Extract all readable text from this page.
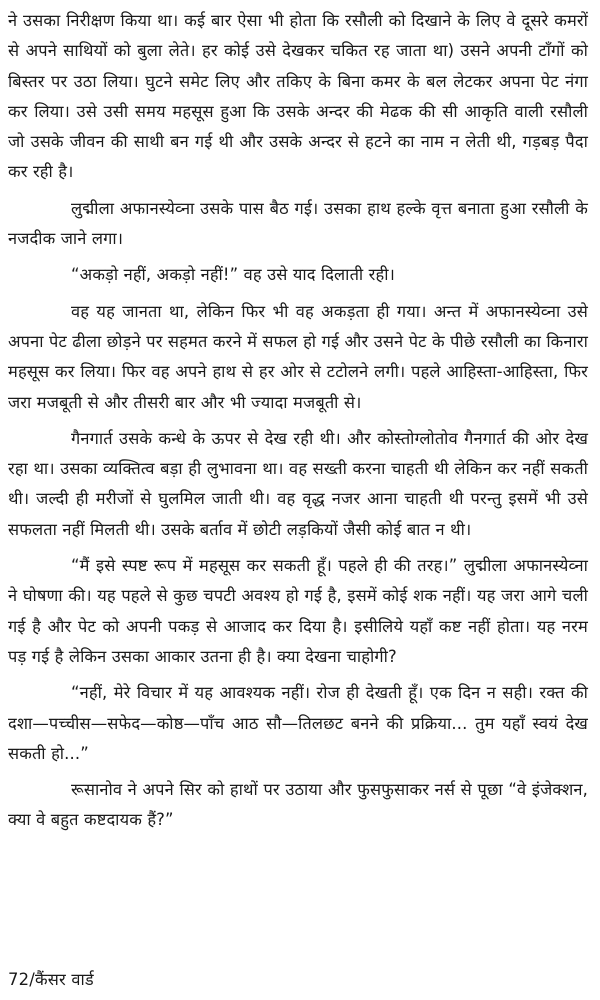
ने उसका निरीक्षण किया था। कई बार ऐसा भी होता कि रसौली को दिखाने के लिए वे दूसरे कमरों से अपने साथियों को बुला लेते। हर कोई उसे देखकर चकित रह जाता था) उसने अपनी टाँगों को बिस्तर पर उठा लिया। घुटने समेट लिए और तकिए के बिना कमर के बल लेटकर अपना पेट नंगा कर लिया। उसे उसी समय महसूस हुआ कि उसके अन्दर की मेढक की सी आकृति वाली रसौली जो उसके जीवन की साथी बन गई थी और उसके अन्दर से हटने का नाम न लेती थी, गड़बड़ पैदा कर रही है।

लुद्मीला अफानस्येव्ना उसके पास बैठ गई। उसका हाथ हल्के वृत्त बनाता हुआ रसौली के नजदीक जाने लगा।

“अकड़ो नहीं, अकड़ो नहीं!” वह उसे याद दिलाती रही।

वह यह जानता था, लेकिन फिर भी वह अकड़ता ही गया। अन्त में अफानस्येव्ना उसे अपना पेट ढीला छोड़ने पर सहमत करने में सफल हो गई और उसने पेट के पीछे रसौली का किनारा महसूस कर लिया। फिर वह अपने हाथ से हर ओर से टटोलने लगी। पहले आहिस्ता-आहिस्ता, फिर जरा मजबूती से और तीसरी बार और भी ज्यादा मजबूती से।

गैनगार्त उसके कन्धे के ऊपर से देख रही थी। और कोस्तोग्लोतोव गैनगार्त की ओर देख रहा था। उसका व्यक्तित्व बड़ा ही लुभावना था। वह सख्ती करना चाहती थी लेकिन कर नहीं सकती थी। जल्दी ही मरीजों से घुलमिल जाती थी। वह वृद्ध नजर आना चाहती थी परन्तु इसमें भी उसे सफलता नहीं मिलती थी। उसके बर्ताव में छोटी लड़कियों जैसी कोई बात न थी।

“मैं इसे स्पष्ट रूप में महसूस कर सकती हूँ। पहले ही की तरह।” लुद्मीला अफानस्येव्ना ने घोषणा की। यह पहले से कुछ चपटी अवश्य हो गई है, इसमें कोई शक नहीं। यह जरा आगे चली गई है और पेट को अपनी पकड़ से आजाद कर दिया है। इसीलिये यहाँ कष्ट नहीं होता। यह नरम पड़ गई है लेकिन उसका आकार उतना ही है। क्या देखना चाहोगी?

“नहीं, मेरे विचार में यह आवश्यक नहीं। रोज ही देखती हूँ। एक दिन न सही। रक्त की दशा—पच्चीस—सफेद—कोष्ठ—पाँच आठ सौ—तिलछट बनने की प्रक्रिया... तुम यहाँ स्वयं देख सकती हो...”

रूसानोव ने अपने सिर को हाथों पर उठाया और फुसफुसाकर नर्स से पूछा “वे इंजेक्शन, क्या वे बहुत कष्टदायक हैं?”

72/कैंसर वार्ड
